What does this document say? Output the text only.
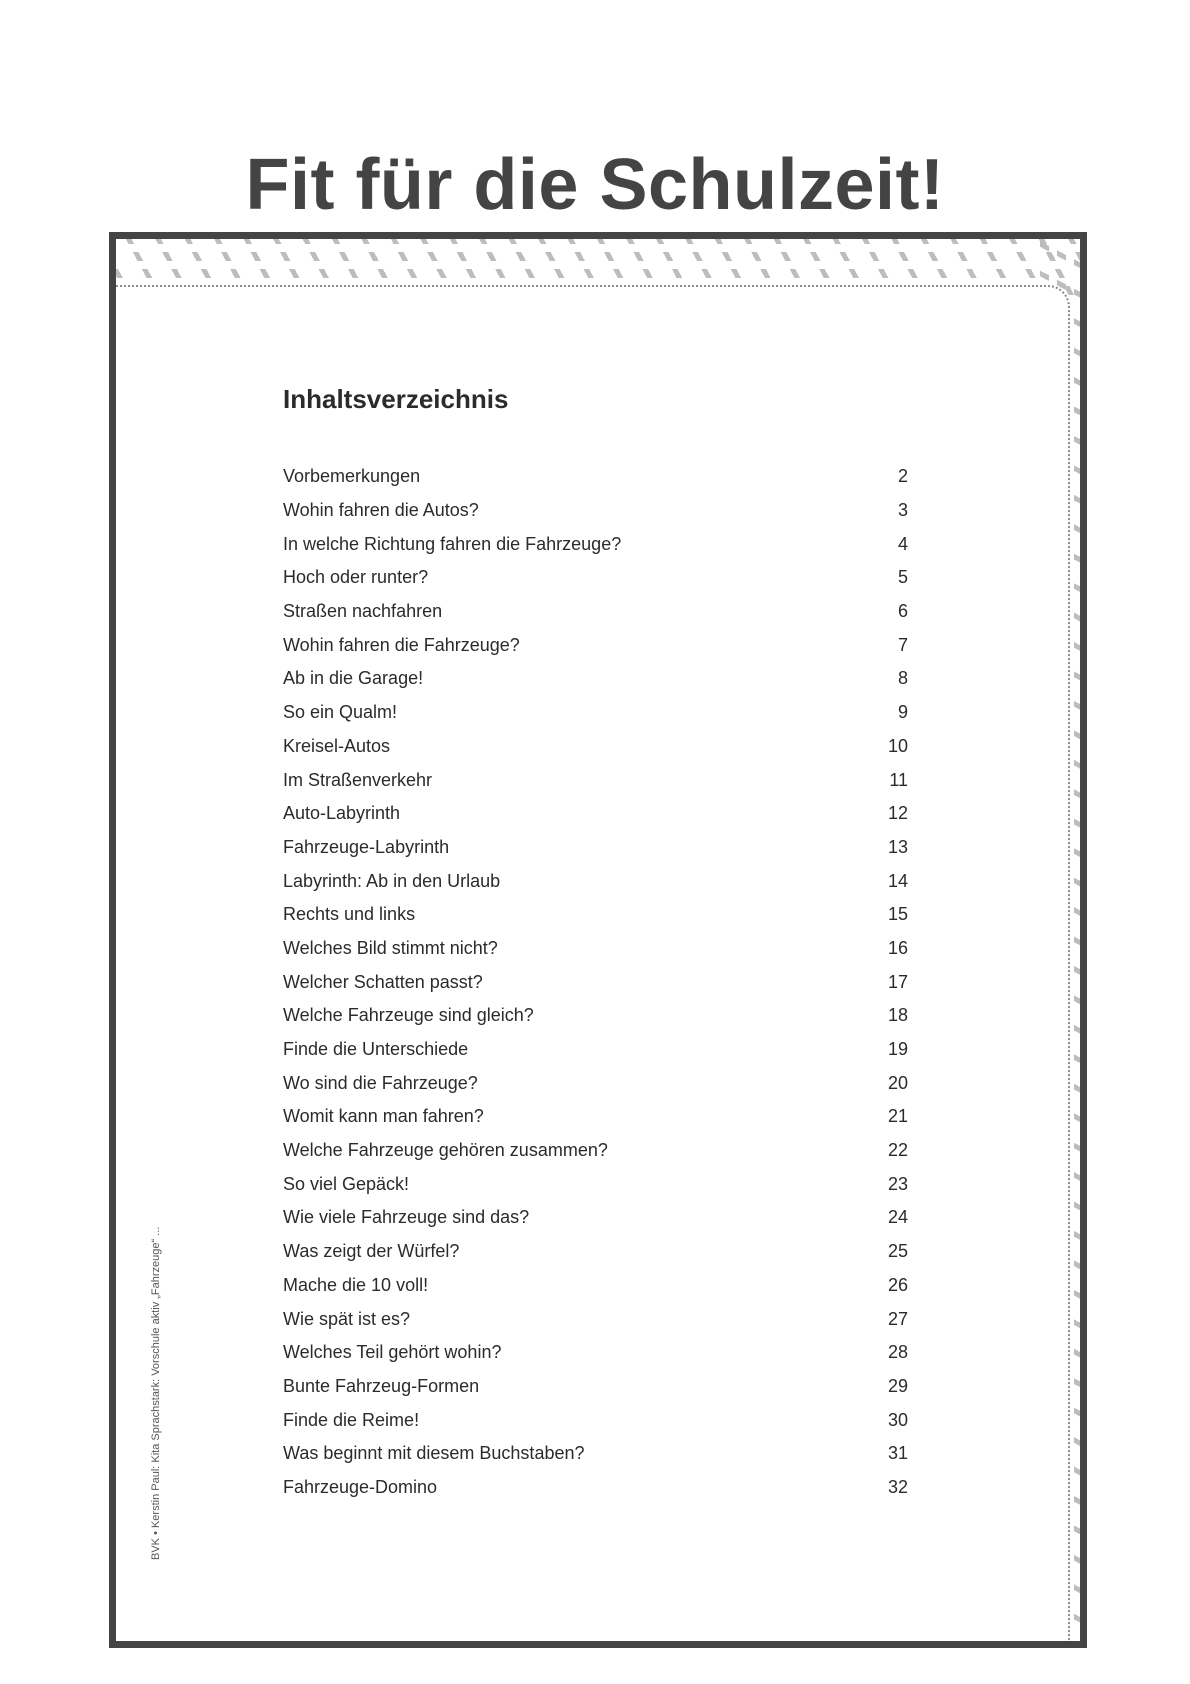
Fit für die Schulzeit!
Inhaltsverzeichnis
Vorbemerkungen	2
Wohin fahren die Autos?	3
In welche Richtung fahren die Fahrzeuge?	4
Hoch oder runter?	5
Straßen nachfahren	6
Wohin fahren die Fahrzeuge?	7
Ab in die Garage!	8
So ein Qualm!	9
Kreisel-Autos	10
Im Straßenverkehr	11
Auto-Labyrinth	12
Fahrzeuge-Labyrinth	13
Labyrinth: Ab in den Urlaub	14
Rechts und links	15
Welches Bild stimmt nicht?	16
Welcher Schatten passt?	17
Welche Fahrzeuge sind gleich?	18
Finde die Unterschiede	19
Wo sind die Fahrzeuge?	20
Womit kann man fahren?	21
Welche Fahrzeuge gehören zusammen?	22
So viel Gepäck!	23
Wie viele Fahrzeuge sind das?	24
Was zeigt der Würfel?	25
Mache die 10 voll!	26
Wie spät ist es?	27
Welches Teil gehört wohin?	28
Bunte Fahrzeug-Formen	29
Finde die Reime!	30
Was beginnt mit diesem Buchstaben?	31
Fahrzeuge-Domino	32
BVK • Kerstin Paul: Kita Sprachstark: Vorschule aktiv „Fahrzeuge“ ...
